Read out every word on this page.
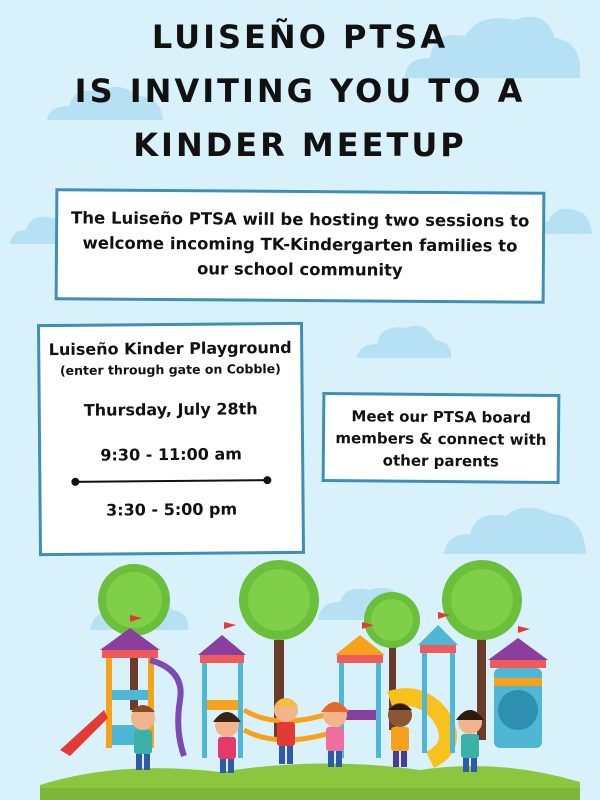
LUISEÑO PTSA
IS INVITING YOU TO A
KINDER MEETUP
The Luiseño PTSA will be hosting two sessions to welcome incoming TK-Kindergarten families to our school community
Luiseño Kinder Playground
(enter through gate on Cobble)
Thursday, July 28th
9:30 - 11:00 am
3:30 - 5:00 pm
Meet our PTSA board members & connect with other parents
